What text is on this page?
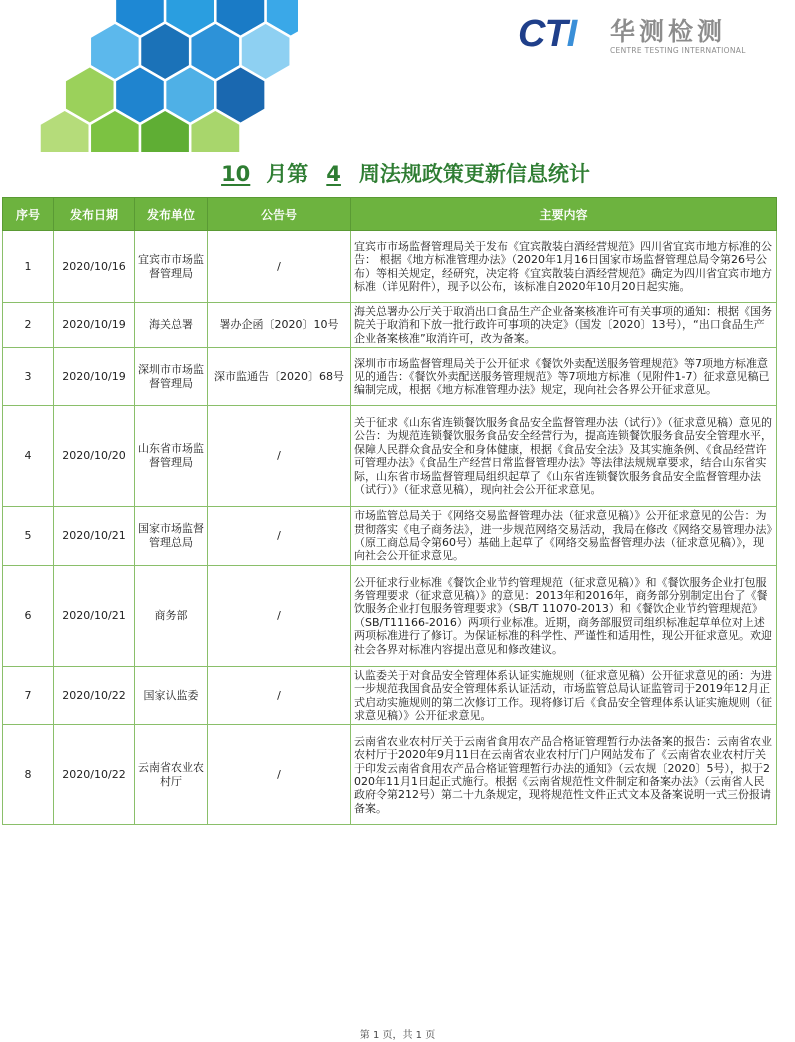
CTI 华测检测
CENTRE TESTING INTERNATIONAL
10 月第 4 周法规政策更新信息统计
序号	发布日期	发布单位	公告号	主要内容
1	2020/10/16	宜宾市市场监督管理局	/	宜宾市市场监督管理局关于发布《宜宾散装白酒经营规范》四川省宜宾市地方标准的公告： 根据《地方标准管理办法》（2020年1月16日国家市场监督管理总局令第26号公布）等相关规定，经研究，决定将《宜宾散装白酒经营规范》确定为四川省宜宾市地方标准（详见附件），现予以公布，该标准自2020年10月20日起实施。
2	2020/10/19	海关总署	署办企函〔2020〕10号	海关总署办公厅关于取消出口食品生产企业备案核准许可有关事项的通知：根据《国务院关于取消和下放一批行政许可事项的决定》（国发〔2020〕13号），“出口食品生产企业备案核准”取消许可，改为备案。
3	2020/10/19	深圳市市场监督管理局	深市监通告〔2020〕68号	深圳市市场监督管理局关于公开征求《餐饮外卖配送服务管理规范》等7项地方标准意见的通告：《餐饮外卖配送服务管理规范》等7项地方标准（见附件1-7）征求意见稿已编制完成，根据《地方标准管理办法》规定，现向社会各界公开征求意见。
4	2020/10/20	山东省市场监督管理局	/	关于征求《山东省连锁餐饮服务食品安全监督管理办法（试行）》（征求意见稿）意见的公告：为规范连锁餐饮服务食品安全经营行为，提高连锁餐饮服务食品安全管理水平，保障人民群众食品安全和身体健康，根据《食品安全法》及其实施条例、《食品经营许可管理办法》《食品生产经营日常监督管理办法》等法律法规规章要求，结合山东省实际，山东省市场监督管理局组织起草了《山东省连锁餐饮服务食品安全监督管理办法（试行）》（征求意见稿），现向社会公开征求意见。
5	2020/10/21	国家市场监督管理总局	/	市场监管总局关于《网络交易监督管理办法（征求意见稿）》公开征求意见的公告：为贯彻落实《电子商务法》，进一步规范网络交易活动，我局在修改《网络交易管理办法》（原工商总局令第60号）基础上起草了《网络交易监督管理办法（征求意见稿）》，现向社会公开征求意见。
6	2020/10/21	商务部	/	公开征求行业标准《餐饮企业节约管理规范（征求意见稿）》和《餐饮服务企业打包服务管理要求（征求意见稿）》的意见：2013年和2016年，商务部分别制定出台了《餐饮服务企业打包服务管理要求》（SB/T 11070-2013）和《餐饮企业节约管理规范》（SB/T11166-2016）两项行业标准。近期，商务部服贸司组织标准起草单位对上述两项标准进行了修订。为保证标准的科学性、严谨性和适用性，现公开征求意见。欢迎社会各界对标准内容提出意见和修改建议。
7	2020/10/22	国家认监委	/	认监委关于对食品安全管理体系认证实施规则（征求意见稿）公开征求意见的函：为进一步规范我国食品安全管理体系认证活动，市场监管总局认证监管司于2019年12月正式启动实施规则的第二次修订工作。现将修订后《食品安全管理体系认证实施规则（征求意见稿）》公开征求意见。
8	2020/10/22	云南省农业农村厅	/	云南省农业农村厅关于云南省食用农产品合格证管理暂行办法备案的报告：云南省农业农村厅于2020年9月11日在云南省农业农村厅门户网站发布了《云南省农业农村厅关于印发云南省食用农产品合格证管理暂行办法的通知》（云农规〔2020〕5号），拟于2020年11月1日起正式施行。根据《云南省规范性文件制定和备案办法》（云南省人民政府令第212号）第二十九条规定，现将规范性文件正式文本及备案说明一式三份报请备案。
第 1 页，共 1 页
